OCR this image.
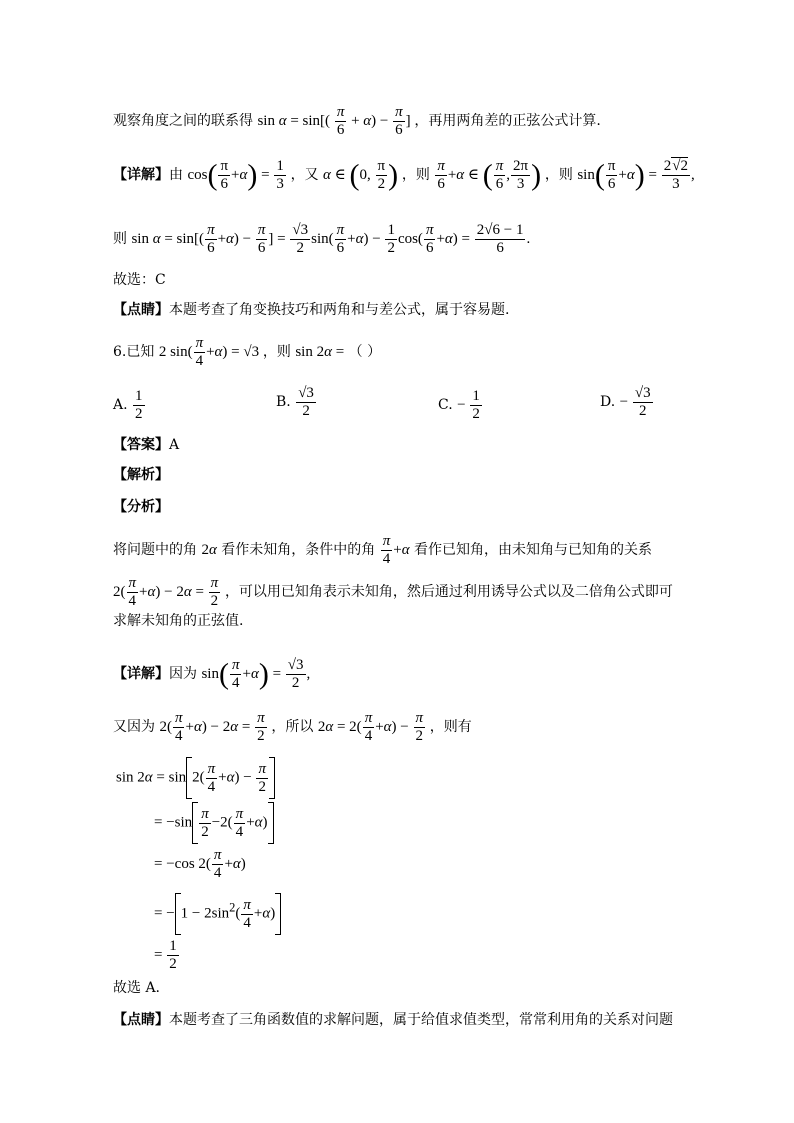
观察角度之间的联系得 $\sin \alpha = \sin[( \frac{\pi}{6} + \alpha) - \frac{\pi}{6}$ ] ，再用两角差的正弦公式计算.
【详解】由 $\cos( \frac{\pi}{6} +\alpha) = \frac{1}{3}$ ，又 α ∈ (0, $\frac{\pi}{2}$ ) ，则 $\frac{\pi}{6} +\alpha$ ∈ ( $\frac{\pi}{6}$ , $\frac{2\pi}{3}$ ) ，则 $\sin( \frac{\pi}{6} +\alpha) = \frac{2√2}{3}$ ,
则 $\sin \alpha = \sin[( \frac{\pi}{6} +\alpha) - \frac{\pi}{6}$ ] = $\frac{√3}{2} \sin( \frac{\pi}{6} +\alpha) - \frac{1}{2} \cos( \frac{\pi}{6} +\alpha) = \frac{2√6 - 1}{6}$ .
故选：C
【点睛】本题考查了角变换技巧和两角和与差公式，属于容易题.
6.已知 2 $\sin( \frac{\pi}{4} +\alpha) = √3$ ，则 sin 2α = （ ）
A. $\frac{1}{2}$	B. $\frac{√3}{2}$	C. − $\frac{1}{2}$	D. − $\frac{√3}{2}$
【答案】A
【解析】
【分析】
将问题中的角 2α 看作未知角，条件中的角 $\frac{\pi}{4} +\alpha$ 看作已知角，由未知角与已知角的关系
$2( \frac{\pi}{4} +\alpha) - 2\alpha = \frac{\pi}{2}$ ，可以用已知角表示未知角，然后通过利用诱导公式以及二倍角公式即可
求解未知角的正弦值.
【详解】因为 $\sin( \frac{\pi}{4} +\alpha) = \frac{√3}{2}$ ,
又因为 $2( \frac{\pi}{4} +\alpha) - 2\alpha = \frac{\pi}{2}$ ，所以 $2\alpha = 2( \frac{\pi}{4} +\alpha) - \frac{\pi}{2}$ ，则有
$\sin 2\alpha = \sin 2( \frac{\pi}{4} +\alpha) - \frac{\pi}{2}$
= $-\sin \frac{\pi}{2} -2( \frac{\pi}{4} +\alpha)$
= −cos $2( \frac{\pi}{4} +\alpha)$
= − $1 - 2\sin^2( \frac{\pi}{4} +\alpha)$
= $\frac{1}{2}$
故选 A.
【点睛】本题考查了三角函数值的求解问题，属于给值求值类型，常常利用角的关系对问题
